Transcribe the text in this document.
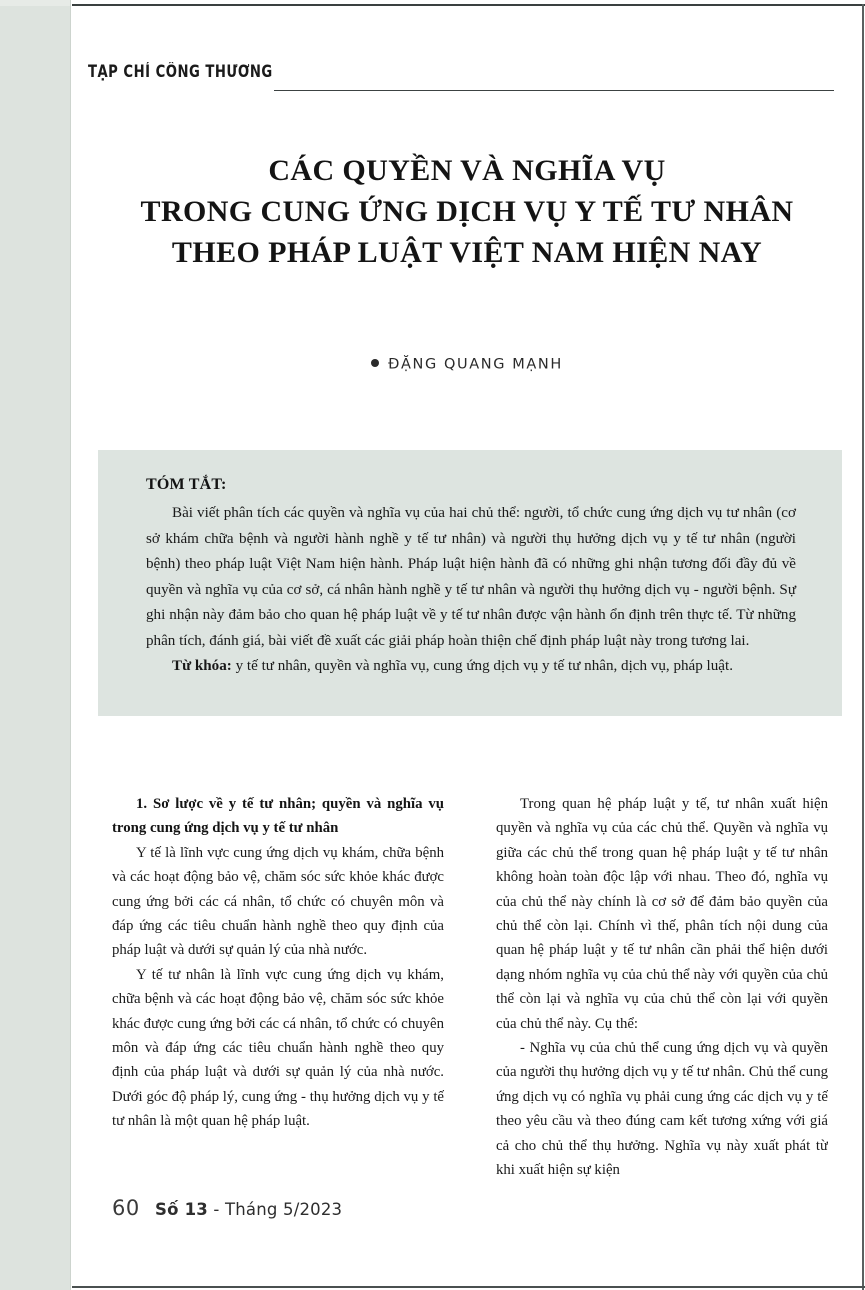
TẠP CHÍ CÔNG THƯƠNG
CÁC QUYỀN VÀ NGHĨA VỤ
TRONG CUNG ỨNG DỊCH VỤ Y TẾ TƯ NHÂN
THEO PHÁP LUẬT VIỆT NAM HIỆN NAY
ĐẶNG QUANG MẠNH
TÓM TẮT:

Bài viết phân tích các quyền và nghĩa vụ của hai chủ thể: người, tổ chức cung ứng dịch vụ tư nhân (cơ sở khám chữa bệnh và người hành nghề y tế tư nhân) và người thụ hưởng dịch vụ y tế tư nhân (người bệnh) theo pháp luật Việt Nam hiện hành. Pháp luật hiện hành đã có những ghi nhận tương đối đầy đủ về quyền và nghĩa vụ của cơ sở, cá nhân hành nghề y tế tư nhân và người thụ hưởng dịch vụ - người bệnh. Sự ghi nhận này đảm bảo cho quan hệ pháp luật về y tế tư nhân được vận hành ổn định trên thực tế. Từ những phân tích, đánh giá, bài viết đề xuất các giải pháp hoàn thiện chế định pháp luật này trong tương lai.

Từ khóa: y tế tư nhân, quyền và nghĩa vụ, cung ứng dịch vụ y tế tư nhân, dịch vụ, pháp luật.

1. Sơ lược về y tế tư nhân; quyền và nghĩa vụ trong cung ứng dịch vụ y tế tư nhân

Y tế là lĩnh vực cung ứng dịch vụ khám, chữa bệnh và các hoạt động bảo vệ, chăm sóc sức khỏe khác được cung ứng bởi các cá nhân, tổ chức có chuyên môn và đáp ứng các tiêu chuẩn hành nghề theo quy định của pháp luật và dưới sự quản lý của nhà nước.

Y tế tư nhân là lĩnh vực cung ứng dịch vụ khám, chữa bệnh và các hoạt động bảo vệ, chăm sóc sức khỏe khác được cung ứng bởi các cá nhân, tổ chức có chuyên môn và đáp ứng các tiêu chuẩn hành nghề theo quy định của pháp luật và dưới sự quản lý của nhà nước. Dưới góc độ pháp lý, cung ứng - thụ hưởng dịch vụ y tế tư nhân là một quan hệ pháp luật.

Trong quan hệ pháp luật y tế, tư nhân xuất hiện quyền và nghĩa vụ của các chủ thể. Quyền và nghĩa vụ giữa các chủ thể trong quan hệ pháp luật y tế tư nhân không hoàn toàn độc lập với nhau. Theo đó, nghĩa vụ của chủ thể này chính là cơ sở để đảm bảo quyền của chủ thể còn lại. Chính vì thế, phân tích nội dung của quan hệ pháp luật y tế tư nhân cần phải thể hiện dưới dạng nhóm nghĩa vụ của chủ thể này với quyền của chủ thể còn lại và nghĩa vụ của chủ thể còn lại với quyền của chủ thể này. Cụ thể:

- Nghĩa vụ của chủ thể cung ứng dịch vụ và quyền của người thụ hưởng dịch vụ y tế tư nhân. Chủ thể cung ứng dịch vụ có nghĩa vụ phải cung ứng các dịch vụ y tế theo yêu cầu và theo đúng cam kết tương xứng với giá cả cho chủ thể thụ hưởng. Nghĩa vụ này xuất phát từ khi xuất hiện sự kiện

60 Số 13 - Tháng 5/2023
